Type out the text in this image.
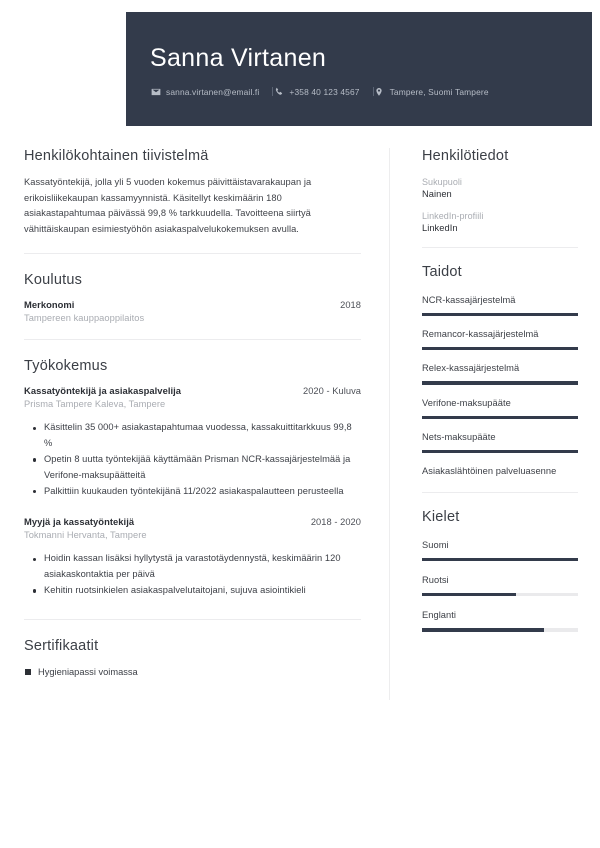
Sanna Virtanen
sanna.virtanen@email.fi	+358 40 123 4567	Tampere, Suomi Tampere
Henkilökohtainen tiivistelmä
Kassatyöntekijä, jolla yli 5 vuoden kokemus päivittäistavarakaupan ja erikoisliikekaupan kassamyynnistä. Käsitellyt keskimäärin 180 asiakastapahtumaa päivässä 99,8 % tarkkuudella. Tavoitteena siirtyä vähittäiskaupan esimiestyöhön asiakaspalvelukokemuksen avulla.
Koulutus
Merkonomi	2018
Tampereen kauppaoppilaitos
Työkokemus
Kassatyöntekijä ja asiakaspalvelija	2020 - Kuluva
Prisma Tampere Kaleva, Tampere
Käsittelin 35 000+ asiakastapahtumaa vuodessa, kassakuittitarkkuus 99,8 %
Opetin 8 uutta työntekijää käyttämään Prisman NCR-kassajärjestelmää ja Verifone-maksupäätteitä
Palkittiin kuukauden työntekijänä 11/2022 asiakaspalautteen perusteella
Myyjä ja kassatyöntekijä	2018 - 2020
Tokmanni Hervanta, Tampere
Hoidin kassan lisäksi hyllytystä ja varastotäydennystä, keskimäärin 120 asiakaskontaktia per päivä
Kehitin ruotsinkielen asiakaspalvelutaitojani, sujuva asiointikieli
Sertifikaatit
Hygieniapassi voimassa
Henkilötiedot
Sukupuoli
Nainen
LinkedIn-profiili
LinkedIn
Taidot
NCR-kassajärjestelmä
Remancor-kassajärjestelmä
Relex-kassajärjestelmä
Verifone-maksupääte
Nets-maksupääte
Asiakaslähtöinen palveluasenne
Kielet
Suomi
Ruotsi
Englanti
